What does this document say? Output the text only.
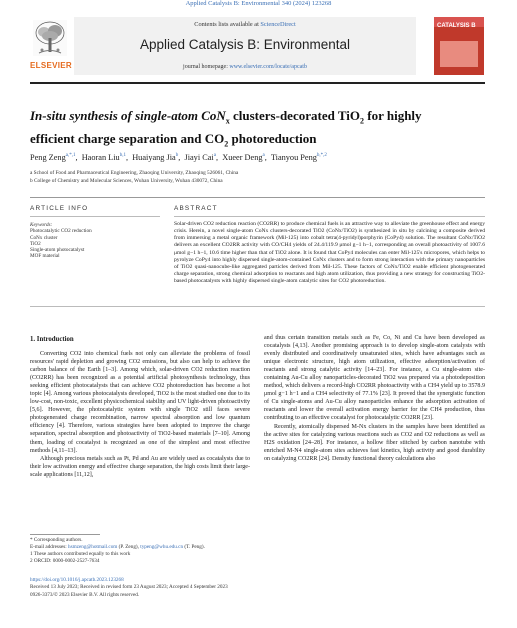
Applied Catalysis B: Environmental 340 (2024) 123268
ELSEVIER
Contents lists available at ScienceDirect
Applied Catalysis B: Environmental
journal homepage: www.elsevier.com/locate/apcatb
CATALYSIS B
In-situ synthesis of single-atom CoN$_x$ clusters-decorated TiO$_2$ for highly
efficient charge separation and $CO_2$ photoreduction
Peng Zeng$^{a,*,1}$,  Haoran Liu$^{b,1}$,  Huaiyang Jia$^b$,  Jiayi Cai$^a$,  Xueer Deng$^a$,  Tianyou Peng$^{b,*,2}$
a School of Food and Pharmaceutical Engineering, Zhaoqing University, Zhaoqing 526061, China
b College of Chemistry and Molecular Sciences, Wuhan University, Wuhan 430072, China
ARTICLE INFO	ABSTRACT
Keywords:
Photocatalytic CO2 reduction
CoNx cluster
TiO2
Single-atom photocatalyst
MOF material
Solar-driven CO2 reduction reaction (CO2RR) to produce chemical fuels is an attractive way to alleviate the greenhouse effect and energy crisis. Herein, a novel single-atom CoNx clusters-decorated TiO2 (CoNx/TiO2) is synthesized in situ by calcining a composite derived from immersing a metal organic framework (Mil-125) into cobalt tetra(4-pyridyl)porphyrin (CoPy4) solution. The resultant CoNx/TiO2 delivers an excellent CO2RR activity with CO/CH4 yields of 24.4/119.9 μmol g−1 h−1, corresponding an overall photoactivity of 1007.6 μmol g−1 h−1, 10.6 time higher than that of TiO2 alone. It is found that CoPy4 molecules can enter Mil-125's micropores, which helps to pyrolyze CoPy4 into highly dispersed single-atom-contained CoNx clusters and to form strong interaction with the primary nanoparticles of TiO2 quasi-nanocube-like aggregated particles derived from Mil-125. These factors of CoNx/TiO2 enable efficient photogenerated charge separation, strong chemical adsorption to reactants and high atom utilization, thus providing a new strategy for constructing TiO2-based photocatalysts with highly dispersed single-atom catalytic sites for CO2 photoreduction.
1. Introduction

Converting CO2 into chemical fuels not only can alleviate the problems of fossil resources' rapid depletion and growing CO2 emissions, but also can help to achieve the carbon balance of the Earth [1–3]. Among which, solar-driven CO2 reduction reaction (CO2RR) has been recognized as a potential artificial photosynthesis technology, thus seeking efficient photocatalysts that can achieve CO2 photoreduction has become a hot topic [4]. Among various photocatalysts developed, TiO2 is the most studied one due to its low-cost, non-toxic, excellent physicochemical stability and UV light-driven photoactivity [5,6]. However, the photocatalytic system with single TiO2 still faces severe photogenerated charge recombination, narrow spectral absorption and low quantum efficiency [4]. Therefore, various strategies have been adopted to improve the charge separation, spectral absorption and photoactivity of TiO2-based materials [7–10]. Among them, loading of cocatalyst is recognized as one of the simplest and most effective methods [4,11–13].

Although precious metals such as Pt, Pd and Au are widely used as cocatalysts due to their low activation energy and effective charge separation, the high costs limit their large-scale applications [11,12],

and thus certain transition metals such as Fe, Co, Ni and Cu have been developed as cocatalysts [4,13]. Another promising approach is to develop single-atom catalysts with evenly distributed and coordinatively unsaturated sites, which have advantages such as unique electronic structure, high atom utilization, effective adsorption/activation of reactants and strong catalytic activity [14–23]. For instance, a Cu single-atom site-containing Au-Cu alloy nanoparticles-decorated TiO2 was prepared via a photodeposition method, which delivers a record-high CO2RR photoactivity with a CH4 yield up to 3578.9 μmol g−1 h−1 and a CH4 selectivity of 77.1% [23]. It proved that the synergistic function of Cu single-atoms and Au-Cu alloy nanoparticles enhance the adsorption activation of reactants and lower the overall activation energy barrier for the CH4 production, thus contributing to an effective cocatalyst for photocatalytic CO2RR [23].

Recently, atomically dispersed M-Nx clusters in the samples have been identified as the active sites for catalyzing various reactions such as CO2 and O2 reductions as well as H2S oxidation [24–28]. For instance, a hollow fiber stitched by carbon nanotube with enriched M-N4 single-atom sites achieves fast kinetics, high activity and good durability on catalyzing CO2RR [24]. Density functional theory calculations also

* Corresponding authors.
E-mail addresses: hsmzeng@hotmail.com (P. Zeng), typeng@whu.edu.cn (T. Peng).
1 These authors contributed equally to this work
2 ORCID: 0000-0002-2527-7634
https://doi.org/10.1016/j.apcatb.2023.123268
Received 13 July 2023; Received in revised form 23 August 2023; Accepted 4 September 2023
0926-3373/© 2023 Elsevier B.V. All rights reserved.
